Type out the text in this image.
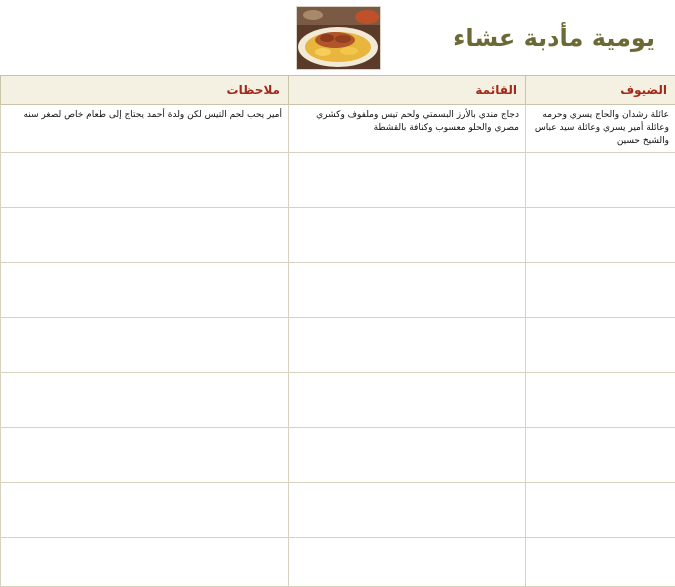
يومية مأدبة عشاء
الضيوف	القائمة	ملاحظات
عائلة رشدان والحاج يسري وحرمه وعائلة أمير يسري وعائلة سيد عباس والشيخ حسين	دجاج مندي بالأرز البسمتي ولحم تيس وملفوف وكشري مصري والحلو معسوب وكنافة بالقشطة	أمير يحب لحم التيس لكن ولدة أحمد يحتاج إلى طعام خاص لصغر سنه
